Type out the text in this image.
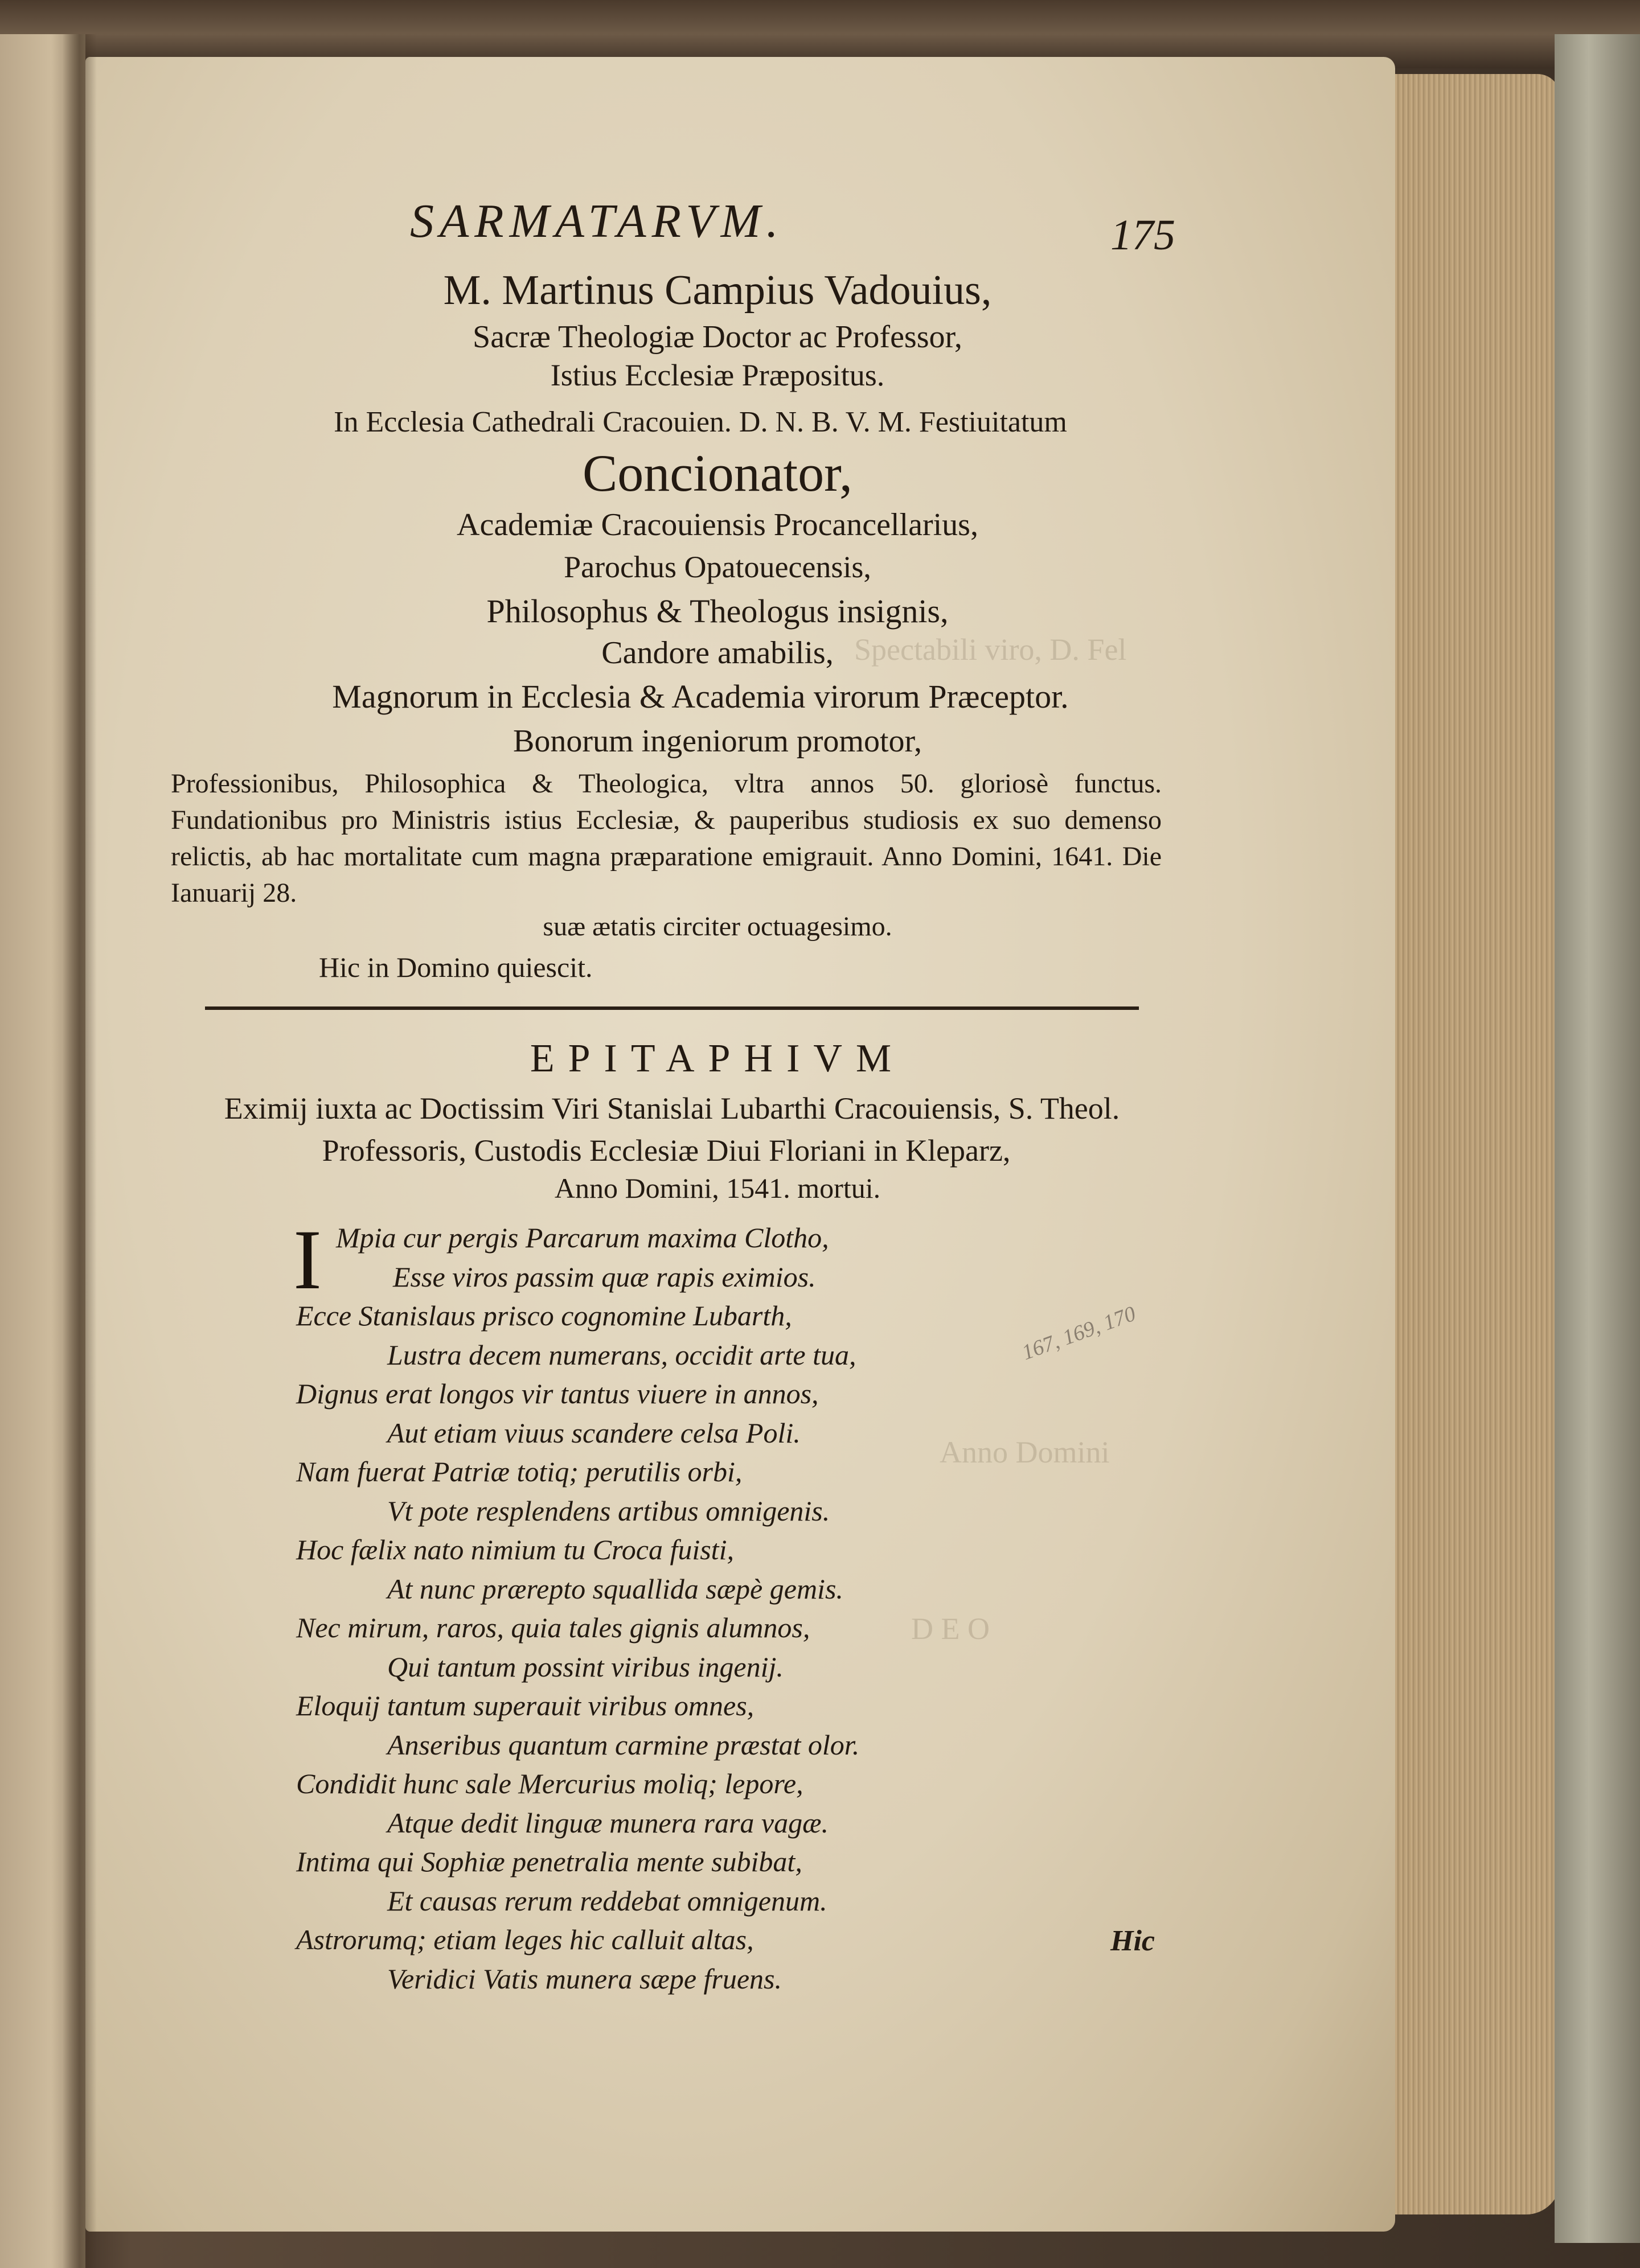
Spectabili viro, D. Fel
Anno Domini
D E O
SARMATARVM.	175
M. Martinus Campius Vadouius,
Sacræ Theologiæ Doctor ac Professor,
Istius Ecclesiæ Præpositus.
In Ecclesia Cathedrali Cracouien. D. N. B. V. M. Festiuitatum
Concionator,
Academiæ Cracouiensis Procancellarius,
Parochus Opatouecensis,
Philosophus & Theologus insignis,
Candore amabilis,
Magnorum in Ecclesia & Academia virorum Præceptor.
Bonorum ingeniorum promotor,
Professionibus, Philosophica & Theologica, vltra annos 50. gloriosè functus. Fundationibus pro Ministris istius Ecclesiæ, & pauperibus studiosis ex suo demenso relictis, ab hac mortalitate cum magna præparatione emigrauit. Anno Domini, 1641. Die Ianuarij 28.
suæ ætatis circiter octuagesimo.
Hic in Domino quiescit.
EPITAPHIVM
Eximij iuxta ac Doctissim Viri Stanislai Lubarthi Cracouiensis, S. Theol.
Professoris, Custodis Ecclesiæ Diui Floriani in Kleparz,
Anno Domini, 1541. mortui.
I Mpia cur pergis Parcarum maxima Clotho,
Esse viros passim quæ rapis eximios.
Ecce Stanislaus prisco cognomine Lubarth,
Lustra decem numerans, occidit arte tua,
Dignus erat longos vir tantus viuere in annos,
Aut etiam viuus scandere celsa Poli.
Nam fuerat Patriæ totiq; perutilis orbi,
Vt pote resplendens artibus omnigenis.
Hoc fælix nato nimium tu Croca fuisti,
At nunc prærepto squallida sæpè gemis.
Nec mirum, raros, quia tales gignis alumnos,
Qui tantum possint viribus ingenij.
Eloquij tantum superauit viribus omnes,
Anseribus quantum carmine præstat olor.
Condidit hunc sale Mercurius moliq; lepore,
Atque dedit linguæ munera rara vagæ.
Intima qui Sophiæ penetralia mente subibat,
Et causas rerum reddebat omnigenum.
Astrorumq; etiam leges hic calluit altas,
Veridici Vatis munera sæpe fruens.
167, 169, 170
Hic
